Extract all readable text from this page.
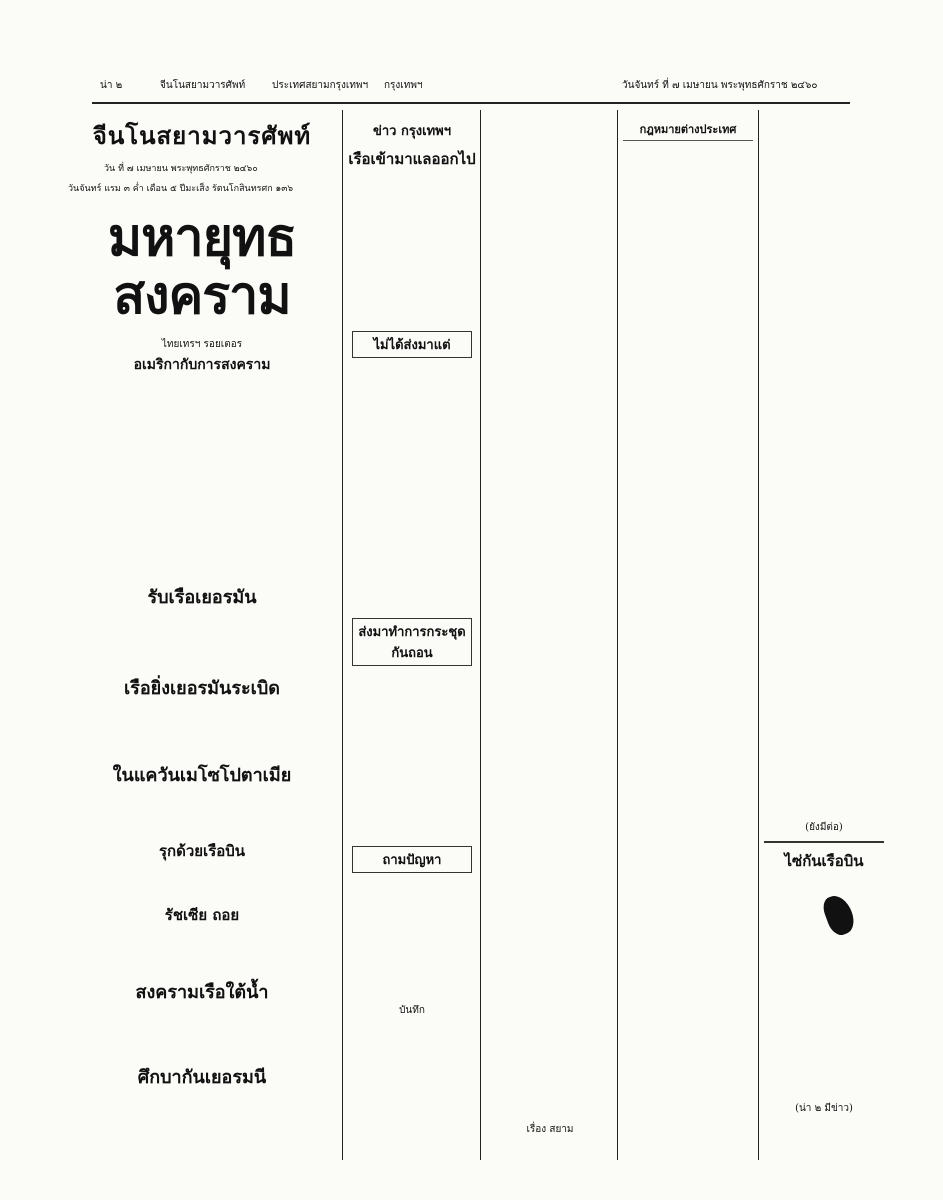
น่า ๒	จีนโนสยามวารศัพท์	ประเทศสยามกรุงเทพฯ กรุงเทพฯ	วันจันทร์ ที่ ๗ เมษายน พระพุทธศักราช ๒๔๖๐
จีนโนสยามวารศัพท์
วัน ที่ ๗ เมษายน พระพุทธศักราช ๒๔๖๐
วันจันทร์ แรม ๓ ค่ำ เดือน ๕ ปีมะเส็ง รัตนโกสินทรศก ๑๓๖
มหายุทธสงคราม
ไทยเทรฯ รอยเตอร
อเมริกากับการสงคราม
รับเรือเยอรมัน
เรือยิ่งเยอรมันระเบิด
ในแควันเมโซโปตาเมีย
รุกด้วยเรือบิน
รัชเซีย ถอย
สงครามเรือใต้น้ำ
ศึกบากันเยอรมนี
ข่าว กรุงเทพฯ
เรือเข้ามาแลออกไป
ไม่ได้ส่งมาแต่
ส่งมาทำการกระชุดกันถอน
ถามปัญหา
บันทึก
เรื่อง สยาม
กฎหมายต่างประเทศ
(ยังมีต่อ)
ไซ่กันเรือบิน
(น่า ๒ มีข่าว)
